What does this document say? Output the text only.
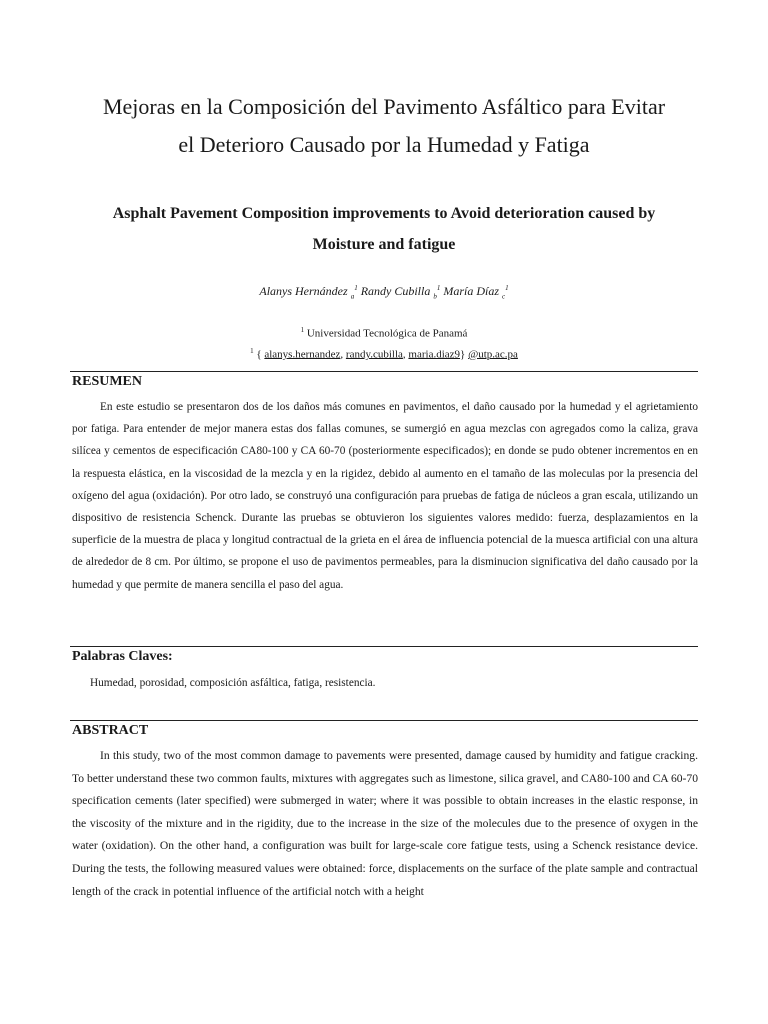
Mejoras en la Composición del Pavimento Asfáltico para Evitar
el Deterioro Causado por la Humedad y Fatiga
Asphalt Pavement Composition improvements to Avoid deterioration caused by
Moisture and fatigue
Alanys Hernández $_a^1$ Randy Cubilla $_b^1$ María Díaz $_c^1$
$^1$ Universidad Tecnológica de Panamá
$^1$ { alanys.hernandez, randy.cubilla, maria.diaz9} @utp.ac.pa
RESUMEN

En este estudio se presentaron dos de los daños más comunes en pavimentos, el daño causado por la humedad y el agrietamiento por fatiga. Para entender de mejor manera estas dos fallas comunes, se sumergió en agua mezclas con agregados como la caliza, grava silícea y cementos de especificación CA80-100 y CA 60-70 (posteriormente especificados); en donde se pudo obtener incrementos en en la respuesta elástica, en la viscosidad de la mezcla y en la rigidez, debido al aumento en el tamaño de las moleculas por la presencia del oxígeno del agua (oxidación). Por otro lado, se construyó una configuración para pruebas de fatiga de núcleos a gran escala, utilizando un dispositivo de resistencia Schenck. Durante las pruebas se obtuvieron los siguientes valores medido: fuerza, desplazamientos en la superficie de la muestra de placa y longitud contractual de la grieta en el área de influencia potencial de la muesca artificial con una altura de alrededor de 8 cm. Por último, se propone el uso de pavimentos permeables, para la disminucion significativa del daño causado por la humedad y que permite de manera sencilla el paso del agua.

Palabras Claves:
Humedad, porosidad, composición asfáltica, fatiga, resistencia.
ABSTRACT

In this study, two of the most common damage to pavements were presented, damage caused by humidity and fatigue cracking. To better understand these two common faults, mixtures with aggregates such as limestone, silica gravel, and CA80-100 and CA 60-70 specification cements (later specified) were submerged in water; where it was possible to obtain increases in the elastic response, in the viscosity of the mixture and in the rigidity, due to the increase in the size of the molecules due to the presence of oxygen in the water (oxidation). On the other hand, a configuration was built for large-scale core fatigue tests, using a Schenck resistance device. During the tests, the following measured values were obtained: force, displacements on the surface of the plate sample and contractual length of the crack in potential influence of the artificial notch with a height
